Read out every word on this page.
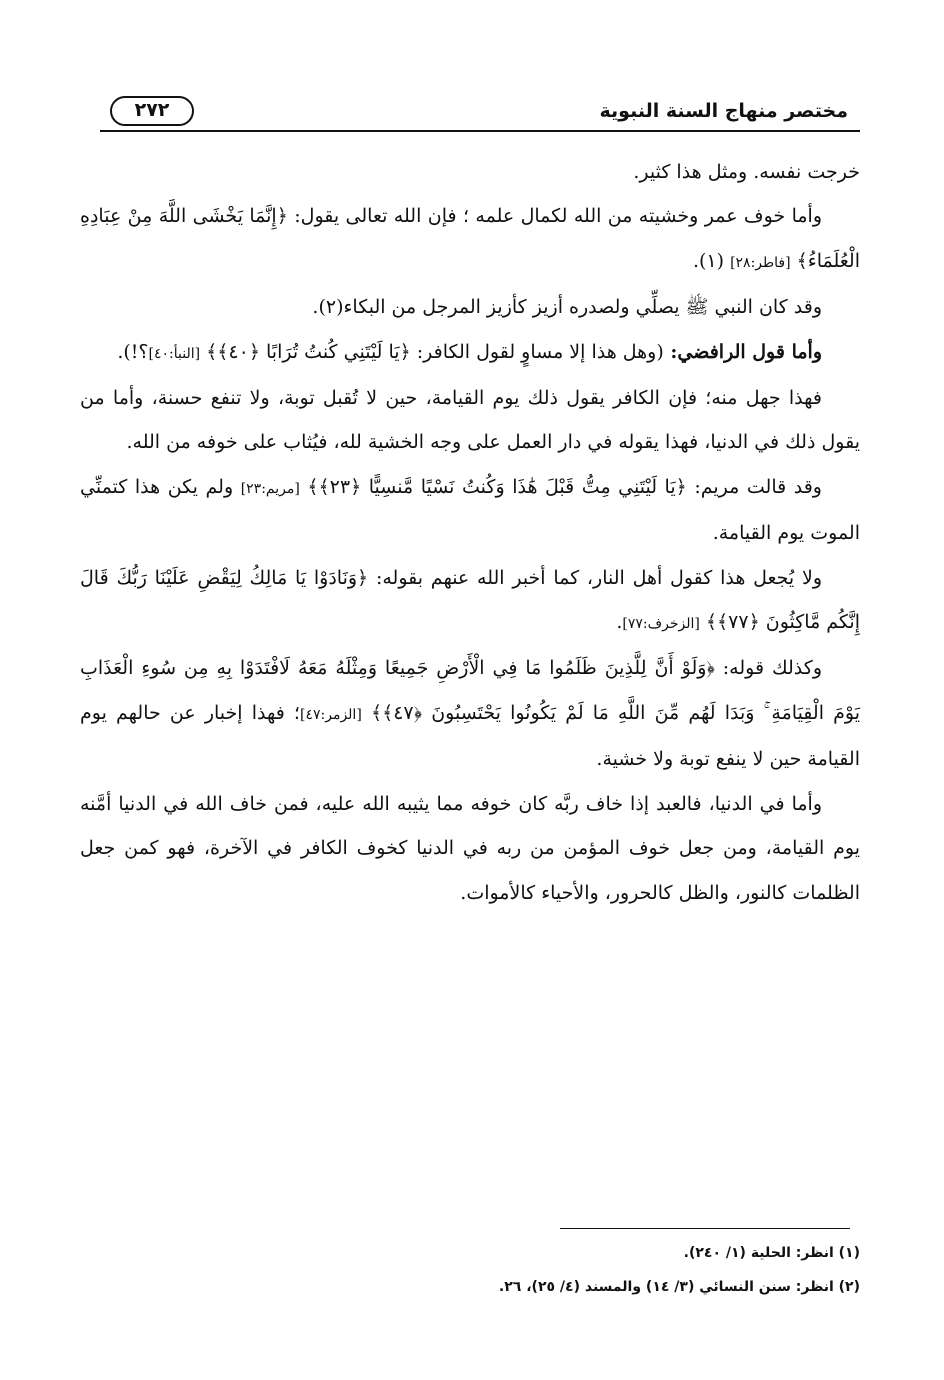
مختصر منهاج السنة النبوية
٢٧٢

خرجت نفسه. ومثل هذا كثير.

وأما خوف عمر وخشيته من الله لكمال علمه ؛ فإن الله تعالى يقول: ﴿إِنَّمَا يَخْشَى اللَّهَ مِنْ عِبَادِهِ الْعُلَمَاءُ﴾ [فاطر:٢٨] (١).

وقد كان النبي ﷺ يصلِّي ولصدره أزيز كأزيز المرجل من البكاء(٢).

وأما قول الرافضي: (وهل هذا إلا مساوٍ لقول الكافر: ﴿يَا لَيْتَنِي كُنتُ تُرَابًا ﴿٤٠﴾﴾ [النبأ:٤٠]؟!).

فهذا جهل منه؛ فإن الكافر يقول ذلك يوم القيامة، حين لا تُقبل توبة، ولا تنفع حسنة، وأما من يقول ذلك في الدنيا، فهذا يقوله في دار العمل على وجه الخشية لله، فيُثاب على خوفه من الله.

وقد قالت مريم: ﴿يَا لَيْتَنِي مِتُّ قَبْلَ هَٰذَا وَكُنتُ نَسْيًا مَّنسِيًّا ﴿٢٣﴾﴾ [مريم:٢٣] ولم يكن هذا كتمنِّي الموت يوم القيامة.

ولا يُجعل هذا كقول أهل النار، كما أخبر الله عنهم بقوله: ﴿وَنَادَوْا يَا مَالِكُ لِيَقْضِ عَلَيْنَا رَبُّكَ قَالَ إِنَّكُم مَّاكِثُونَ ﴿٧٧﴾﴾ [الزخرف:٧٧].

وكذلك قوله: ﴿وَلَوْ أَنَّ لِلَّذِينَ ظَلَمُوا مَا فِي الْأَرْضِ جَمِيعًا وَمِثْلَهُ مَعَهُ لَافْتَدَوْا بِهِ مِن سُوءِ الْعَذَابِ يَوْمَ الْقِيَامَةِ ۚ وَبَدَا لَهُم مِّنَ اللَّهِ مَا لَمْ يَكُونُوا يَحْتَسِبُونَ ﴿٤٧﴾﴾ [الزمر:٤٧]؛ فهذا إخبار عن حالهم يوم القيامة حين لا ينفع توبة ولا خشية.

وأما في الدنيا، فالعبد إذا خاف ربَّه كان خوفه مما يثيبه الله عليه، فمن خاف الله في الدنيا أمَّنه يوم القيامة، ومن جعل خوف المؤمن من ربه في الدنيا كخوف الكافر في الآخرة، فهو كمن جعل الظلمات كالنور، والظل كالحرور، والأحياء كالأموات.

(١) انظر: الحلية (١/ ٢٤٠).

(٢) انظر: سنن النسائي (٣/ ١٤) والمسند (٤/ ٢٥)، ٢٦.
